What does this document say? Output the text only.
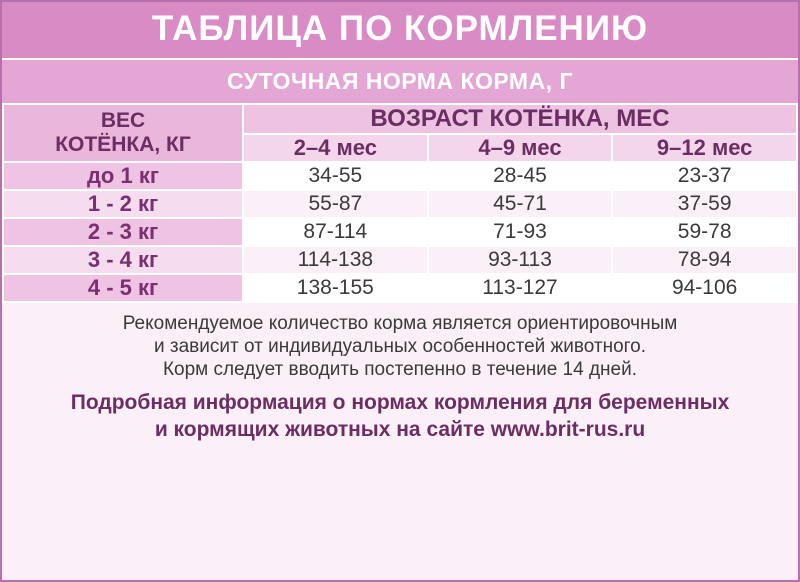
ТАБЛИЦА ПО КОРМЛЕНИЮ
СУТОЧНАЯ НОРМА КОРМА, Г
ВЕС
КОТЁНКА, КГ	ВОЗРАСТ КОТЁНКА, МЕС		
	2–4 мес	4–9 мес	9–12 мес
до 1 кг	34-55	28-45	23-37
1 - 2 кг	55-87	45-71	37-59
2 - 3 кг	87-114	71-93	59-78
3 - 4 кг	114-138	93-113	78-94
4 - 5 кг	138-155	113-127	94-106
Рекомендуемое количество корма является ориентировочным
и зависит от индивидуальных особенностей животного.
Корм следует вводить постепенно в течение 14 дней.
Подробная информация о нормах кормления для беременных
и кормящих животных на сайте www.brit-rus.ru
